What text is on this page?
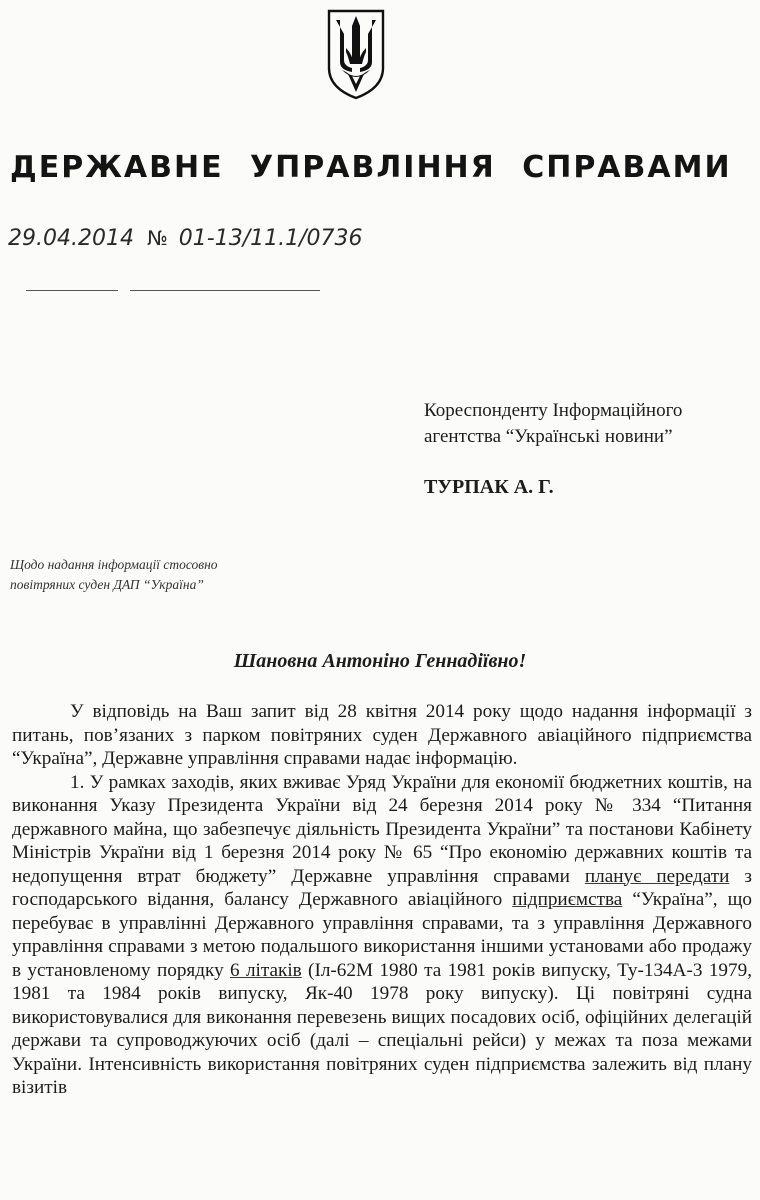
ДЕРЖАВНЕ УПРАВЛІННЯ СПРАВАМИ
29.04.2014 № 01-13/11.1/0736
Кореспонденту Інформаційного
агентства “Українські новини”
ТУРПАК А. Г.
Щодо надання інформації стосовно
повітряних суден ДАП “Україна”
Шановна Антоніно Геннадіївно!

У відповідь на Ваш запит від 28 квітня 2014 року щодо надання інформації з питань, пов’язаних з парком повітряних суден Державного авіаційного підприємства “Україна”, Державне управління справами надає інформацію.

1. У рамках заходів, яких вживає Уряд України для економії бюджетних коштів, на виконання Указу Президента України від 24 березня 2014 року № 334 “Питання державного майна, що забезпечує діяльність Президента України” та постанови Кабінету Міністрів України від 1 березня 2014 року № 65 “Про економію державних коштів та недопущення втрат бюджету” Державне управління справами планує передати з господарського відання, балансу Державного авіаційного підприємства “Україна”, що перебуває в управлінні Державного управління справами, та з управління Державного управління справами з метою подальшого використання іншими установами або продажу в установленому порядку 6 літаків (Іл-62М 1980 та 1981 років випуску, Ту-134А-3 1979, 1981 та 1984 років випуску, Як-40 1978 року випуску). Ці повітряні судна використовувалися для виконання перевезень вищих посадових осіб, офіційних делегацій держави та супроводжуючих осіб (далі – спеціальні рейси) у межах та поза межами України. Інтенсивність використання повітряних суден підприємства залежить від плану візитів
